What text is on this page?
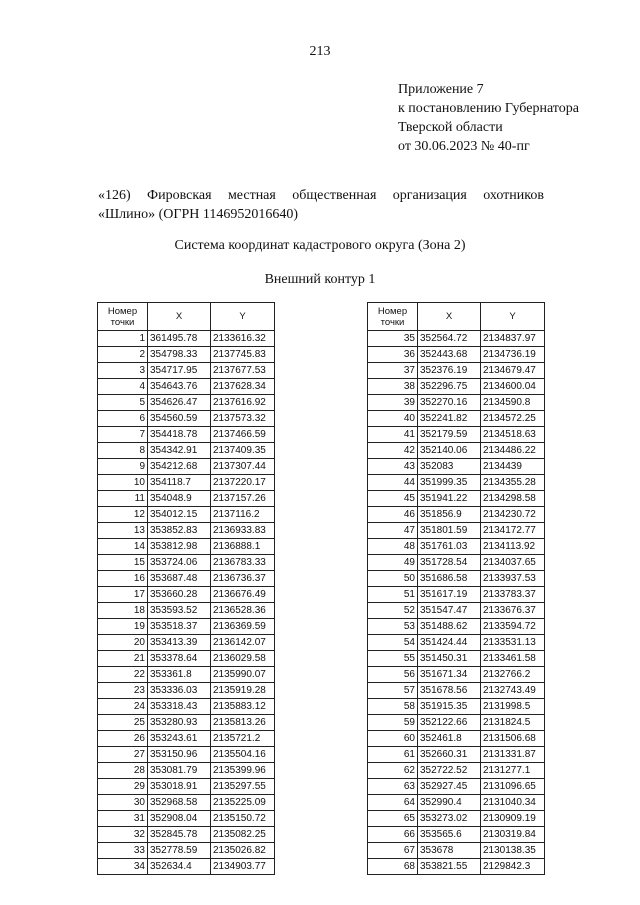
213
Приложение 7
к постановлению Губернатора
Тверской области
от 30.06.2023 № 40-пг
«126) Фировская местная общественная организация охотников
«Шлино» (ОГРН 1146952016640)
Система координат кадастрового округа (Зона 2)
Внешний контур 1
Номер точки	X	Y
1	361495.78	2133616.32
2	354798.33	2137745.83
3	354717.95	2137677.53
4	354643.76	2137628.34
5	354626.47	2137616.92
6	354560.59	2137573.32
7	354418.78	2137466.59
8	354342.91	2137409.35
9	354212.68	2137307.44
10	354118.7	2137220.17
11	354048.9	2137157.26
12	354012.15	2137116.2
13	353852.83	2136933.83
14	353812.98	2136888.1
15	353724.06	2136783.33
16	353687.48	2136736.37
17	353660.28	2136676.49
18	353593.52	2136528.36
19	353518.37	2136369.59
20	353413.39	2136142.07
21	353378.64	2136029.58
22	353361.8	2135990.07
23	353336.03	2135919.28
24	353318.43	2135883.12
25	353280.93	2135813.26
26	353243.61	2135721.2
27	353150.96	2135504.16
28	353081.79	2135399.96
29	353018.91	2135297.55
30	352968.58	2135225.09
31	352908.04	2135150.72
32	352845.78	2135082.25
33	352778.59	2135026.82
34	352634.4	2134903.77
Номер точки	X	Y
35	352564.72	2134837.97
36	352443.68	2134736.19
37	352376.19	2134679.47
38	352296.75	2134600.04
39	352270.16	2134590.8
40	352241.82	2134572.25
41	352179.59	2134518.63
42	352140.06	2134486.22
43	352083	2134439
44	351999.35	2134355.28
45	351941.22	2134298.58
46	351856.9	2134230.72
47	351801.59	2134172.77
48	351761.03	2134113.92
49	351728.54	2134037.65
50	351686.58	2133937.53
51	351617.19	2133783.37
52	351547.47	2133676.37
53	351488.62	2133594.72
54	351424.44	2133531.13
55	351450.31	2133461.58
56	351671.34	2132766.2
57	351678.56	2132743.49
58	351915.35	2131998.5
59	352122.66	2131824.5
60	352461.8	2131506.68
61	352660.31	2131331.87
62	352722.52	2131277.1
63	352927.45	2131096.65
64	352990.4	2131040.34
65	353273.02	2130909.19
66	353565.6	2130319.84
67	353678	2130138.35
68	353821.55	2129842.3
